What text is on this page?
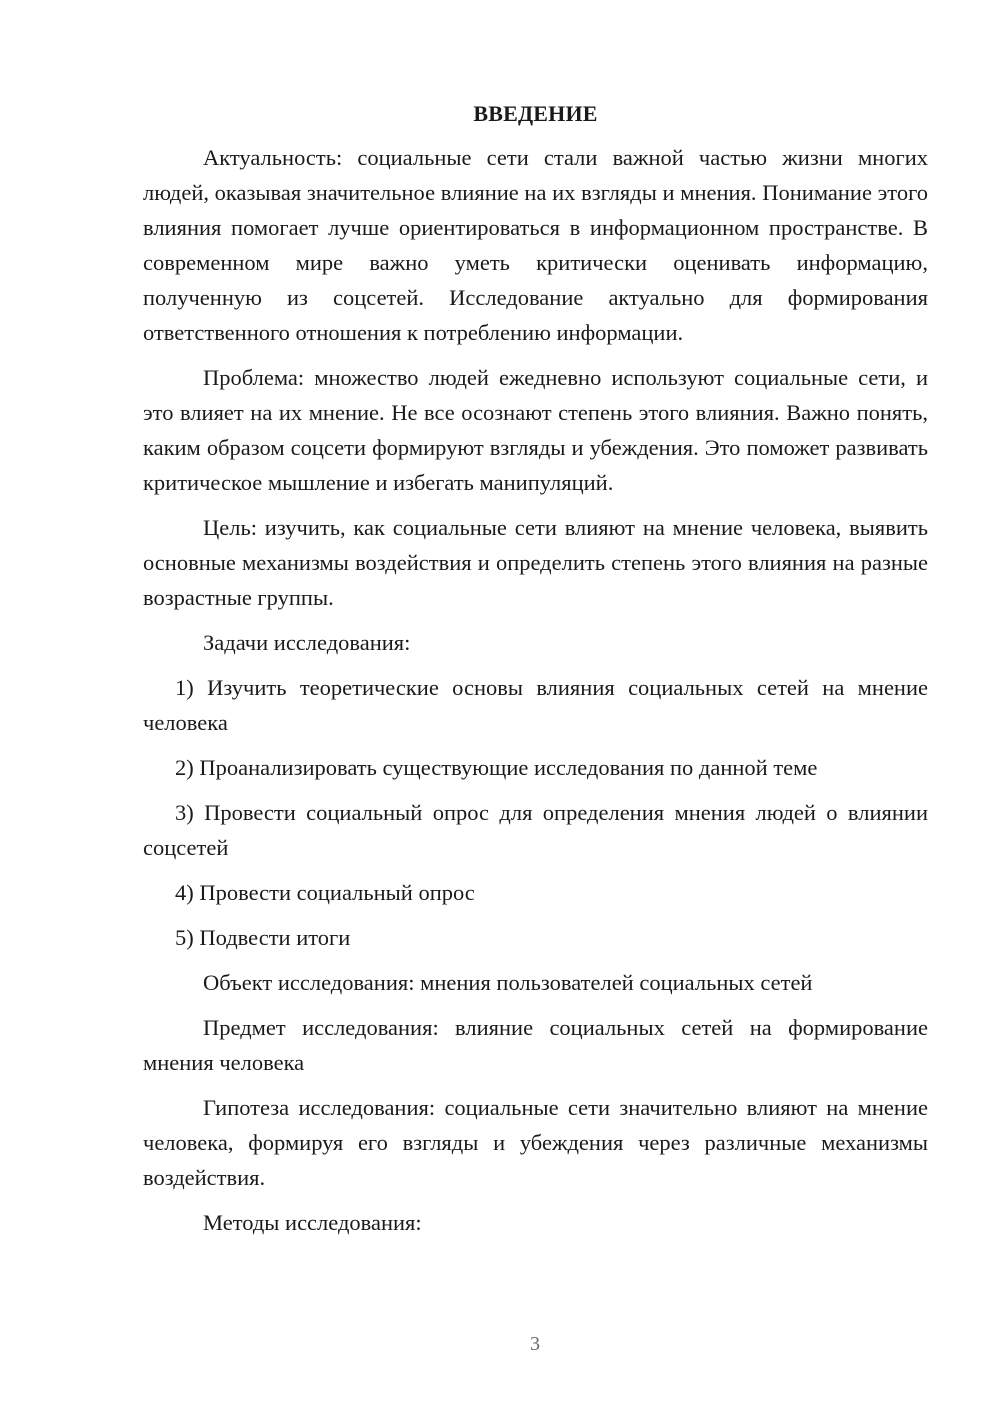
ВВЕДЕНИЕ

Актуальность: социальные сети стали важной частью жизни многих людей, оказывая значительное влияние на их взгляды и мнения. Понимание этого влияния помогает лучше ориентироваться в информационном пространстве. В современном мире важно уметь критически оценивать информацию, полученную из соцсетей. Исследование актуально для формирования ответственного отношения к потреблению информации.

Проблема: множество людей ежедневно используют социальные сети, и это влияет на их мнение. Не все осознают степень этого влияния. Важно понять, каким образом соцсети формируют взгляды и убеждения. Это поможет развивать критическое мышление и избегать манипуляций.

Цель: изучить, как социальные сети влияют на мнение человека, выявить основные механизмы воздействия и определить степень этого влияния на разные возрастные группы.

Задачи исследования:

1) Изучить теоретические основы влияния социальных сетей на мнение человека

2) Проанализировать существующие исследования по данной теме

3) Провести социальный опрос для определения мнения людей о влиянии соцсетей

4) Провести социальный опрос

5) Подвести итоги

Объект исследования: мнения пользователей социальных сетей

Предмет исследования: влияние социальных сетей на формирование мнения человека

Гипотеза исследования: социальные сети значительно влияют на мнение человека, формируя его взгляды и убеждения через различные механизмы воздействия.

Методы исследования:

3
